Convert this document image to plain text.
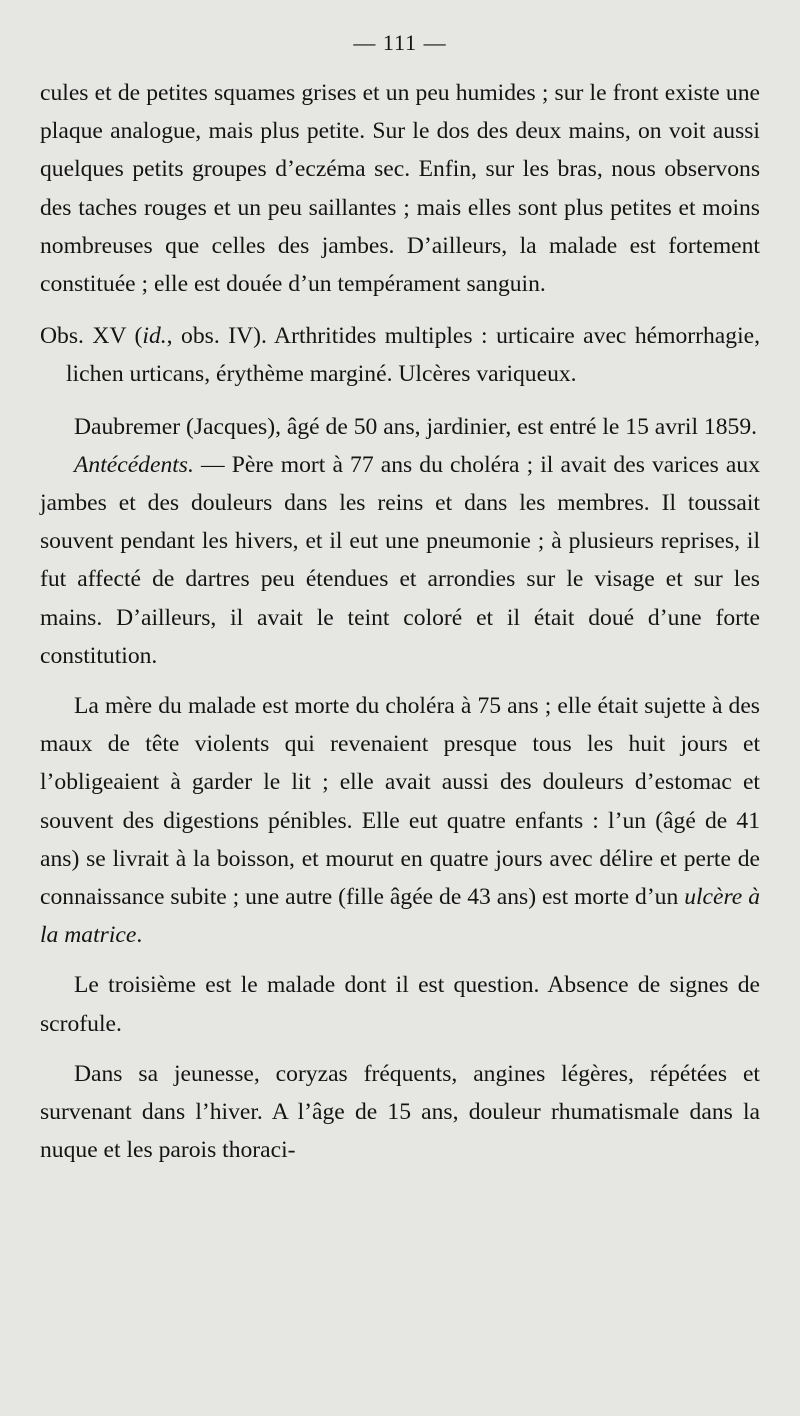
— 111 —

cules et de petites squames grises et un peu humides ; sur le front existe une plaque analogue, mais plus petite. Sur le dos des deux mains, on voit aussi quelques petits groupes d’eczéma sec. Enfin, sur les bras, nous observons des taches rouges et un peu saillantes ; mais elles sont plus petites et moins nombreuses que celles des jambes. D’ailleurs, la malade est fortement constituée ; elle est douée d’un tempérament sanguin.

Obs. XV (id., obs. IV). Arthritides multiples : urticaire avec hémorrhagie, lichen urticans, érythème marginé. Ulcères variqueux.

Daubremer (Jacques), âgé de 50 ans, jardinier, est entré le 15 avril 1859.

Antécédents. — Père mort à 77 ans du choléra ; il avait des varices aux jambes et des douleurs dans les reins et dans les membres. Il toussait souvent pendant les hivers, et il eut une pneumonie ; à plusieurs reprises, il fut affecté de dartres peu étendues et arrondies sur le visage et sur les mains. D’ailleurs, il avait le teint coloré et il était doué d’une forte constitution.

La mère du malade est morte du choléra à 75 ans ; elle était sujette à des maux de tête violents qui revenaient presque tous les huit jours et l’obligeaient à garder le lit ; elle avait aussi des douleurs d’estomac et souvent des digestions pénibles. Elle eut quatre enfants : l’un (âgé de 41 ans) se livrait à la boisson, et mourut en quatre jours avec délire et perte de connaissance subite ; une autre (fille âgée de 43 ans) est morte d’un ulcère à la matrice.

Le troisième est le malade dont il est question. Absence de signes de scrofule.

Dans sa jeunesse, coryzas fréquents, angines légères, répétées et survenant dans l’hiver. A l’âge de 15 ans, douleur rhumatismale dans la nuque et les parois thoraci-
